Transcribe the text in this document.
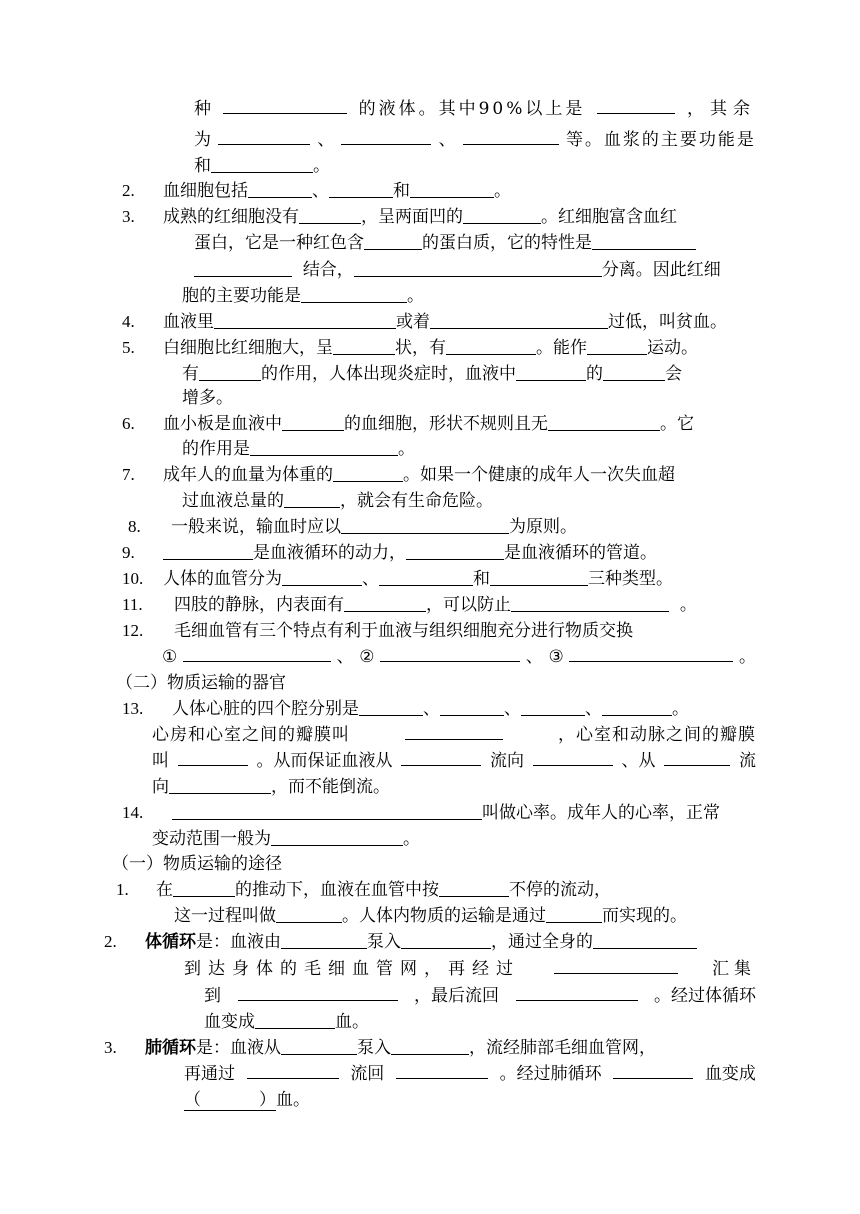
种	的液体。其中90%以上是	，其余
为	、	、	等。血浆的主要功能是
和	。
2. 血细胞包括	、	和	。
3. 成熟的红细胞没有	，呈两面凹的	。红细胞富含血红
蛋白，它是一种红色含	的蛋白质，它的特性是
结合，	分离。因此红细
胞的主要功能是	。
4. 血液里	或着	过低，叫贫血。
5. 白细胞比红细胞大，呈	状，有	。能作	运动。
有	的作用，人体出现炎症时，血液中	的	会
增多。
6. 血小板是血液中	的血细胞，形状不规则且无	。它
的作用是	。
7. 成年人的血量为体重的	。如果一个健康的成年人一次失血超
过血液总量的	，就会有生命危险。
8. 一般来说，输血时应以	为原则。
9.	是血液循环的动力，	是血液循环的管道。
10. 人体的血管分为	、	和	三种类型。
11. 四肢的静脉，内表面有	，可以防止	。
12. 毛细血管有三个特点有利于血液与组织细胞充分进行物质交换
①	、 ②	、 ③	。
（二）物质运输的器官
13. 人体心脏的四个腔分别是	、	、	、	。
心房和心室之间的瓣膜叫	，心室和动脉之间的瓣膜
叫	。从而保证血液从	流向	、从	流
向	，而不能倒流。
14.	叫做心率。成年人的心率，正常
变动范围一般为	。
（一）物质运输的途径
1. 在	的推动下，血液在血管中按	不停的流动，
这一过程叫做	。人体内物质的运输是通过	而实现的。
2. 体循环是：血液由	泵入	，通过全身的
到达身体的毛细血管网，再经过	汇集
到	，最后流回	。经过体循环
血变成	血。
3. 肺循环是：血液从	泵入	，流经肺部毛细血管网，
再通过	流回	。经过肺循环	血变成
（	）血。
